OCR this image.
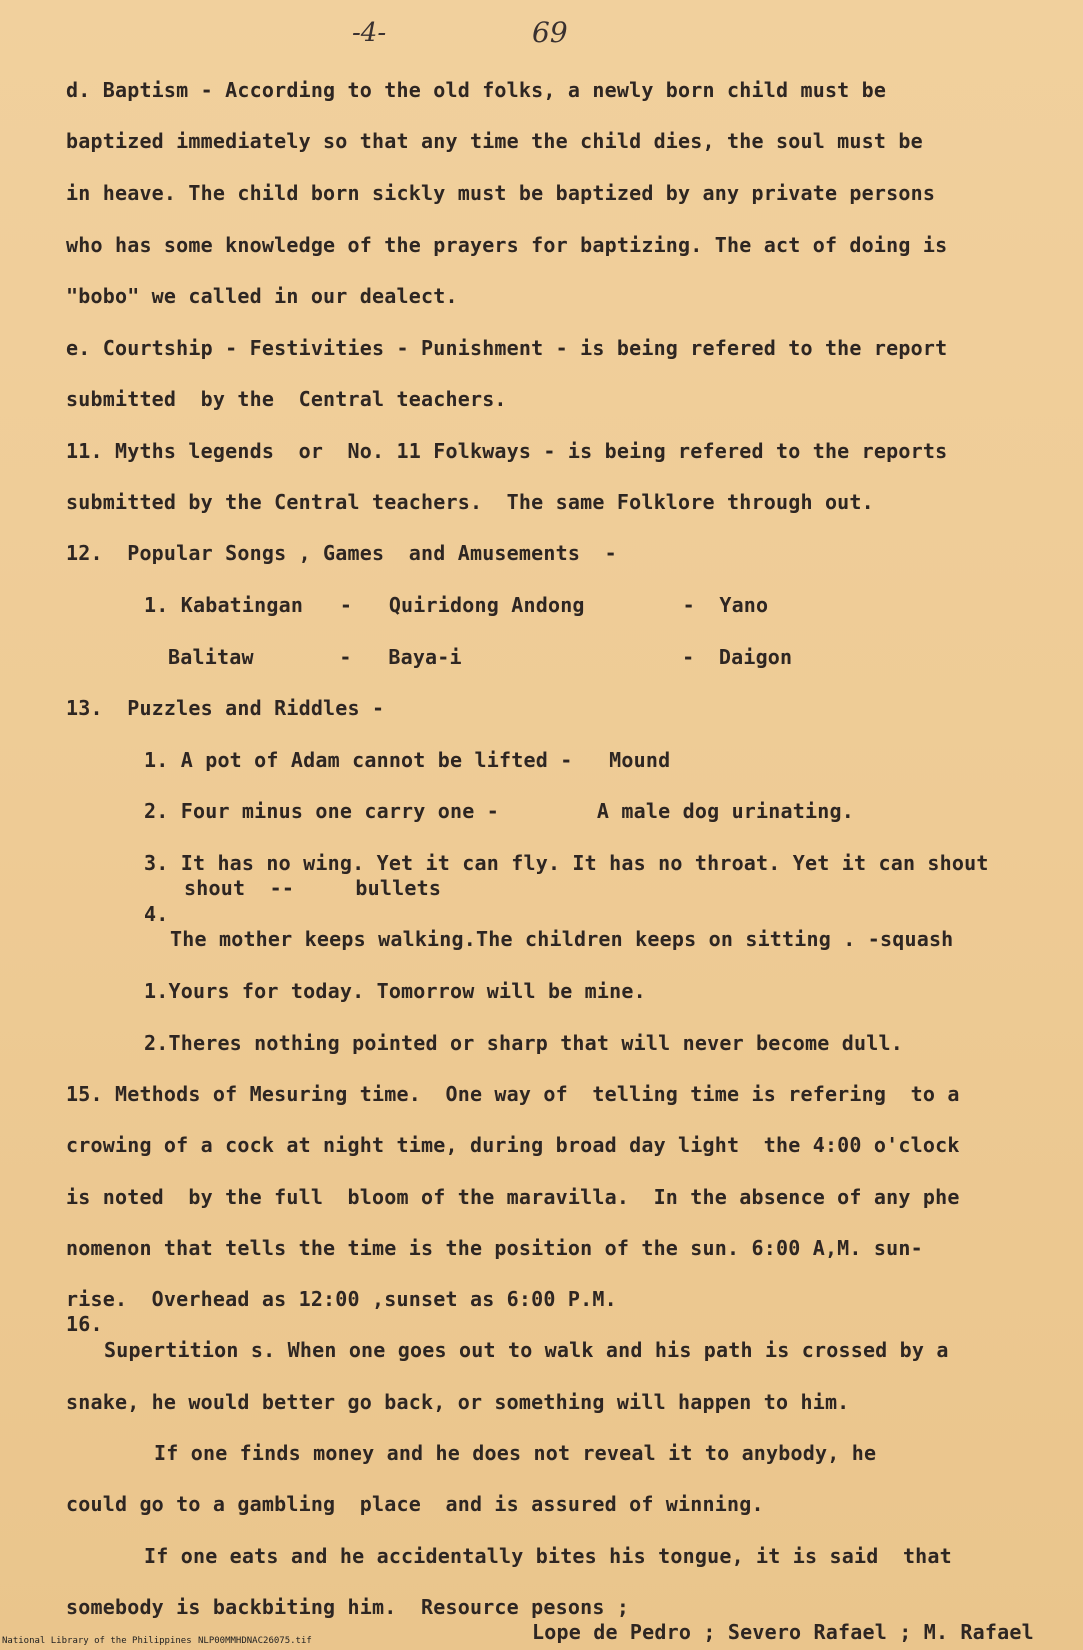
-4-	69
d. Baptism - According to the old folks, a newly born child must be
baptized immediately so that any time the child dies, the soul must be
in heave. The child born sickly must be baptized by any private persons
who has some knowledge of the prayers for baptizing. The act of doing is
"bobo" we called in our dealect.
e. Courtship - Festivities - Punishment - is being refered to the report
submitted  by the  Central teachers.
11. Myths legends  or  No. 11 Folkways - is being refered to the reports
submitted by the Central teachers.  The same Folklore through out.
12.  Popular Songs , Games  and Amusements  -
1. Kabatingan   -   Quiridong Andong        -  Yano
Balitaw       -   Baya-i                  -  Daigon
13.  Puzzles and Riddles -
1. A pot of Adam cannot be lifted -   Mound
2. Four minus one carry one -        A male dog urinating.
3. It has no wing. Yet it can fly. It has no throat. Yet it can shout
shout  --     bullets
4.
The mother keeps walking.The children keeps on sitting . -squash
1.Yours for today. Tomorrow will be mine.
2.Theres nothing pointed or sharp that will never become dull.
15. Methods of Mesuring time.  One way of  telling time is refering  to a
crowing of a cock at night time, during broad day light  the 4:00 o'clock
is noted  by the full  bloom of the maravilla.  In the absence of any phe
nomenon that tells the time is the position of the sun. 6:00 A,M. sun-
rise.  Overhead as 12:00 ,sunset as 6:00 P.M.
16.
Supertition s. When one goes out to walk and his path is crossed by a
snake, he would better go back, or something will happen to him.
If one finds money and he does not reveal it to anybody, he
could go to a gambling  place  and is assured of winning.
If one eats and he accidentally bites his tongue, it is said  that
somebody is backbiting him.  Resource pesons ;
Lope de Pedro ; Severo Rafael ; M. Rafael
National Library of the Philippines NLP00MMHDNAC26075.tif
